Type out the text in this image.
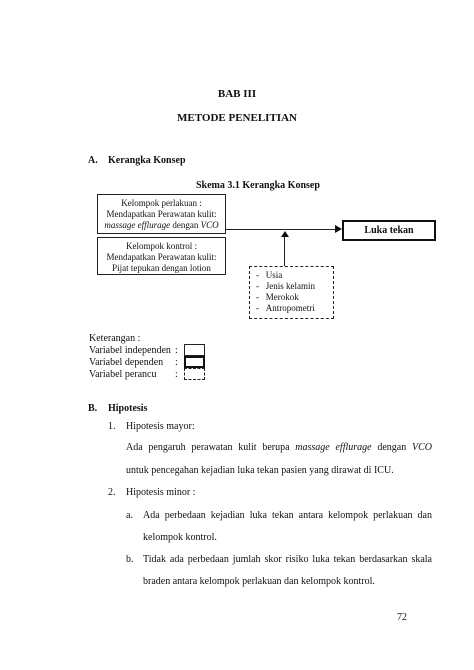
BAB III
METODE PENELITIAN
A. Kerangka Konsep
Skema 3.1 Kerangka Konsep
Kelompok perlakuan :
Mendapatkan Perawatan kulit:
massage efflurage dengan VCO
Kelompok kontrol :
Mendapatkan Perawatan kulit:
Pijat tepukan dengan lotion
Luka tekan
- Usia
- Jenis kelamin
- Merokok
- Antropometri
Keterangan :
Variabel independen :
Variabel dependen :
Variabel perancu :
B. Hipotesis
1. Hipotesis mayor:
Ada pengaruh perawatan kulit berupa massage efflurage dengan VCO
untuk pencegahan kejadian luka tekan pasien yang dirawat di ICU.
2. Hipotesis minor :
a. Ada perbedaan kejadian luka tekan antara kelompok perlakuan dan
kelompok kontrol.
b. Tidak ada perbedaan jumlah skor risiko luka tekan berdasarkan skala
braden antara kelompok perlakuan dan kelompok kontrol.
72
